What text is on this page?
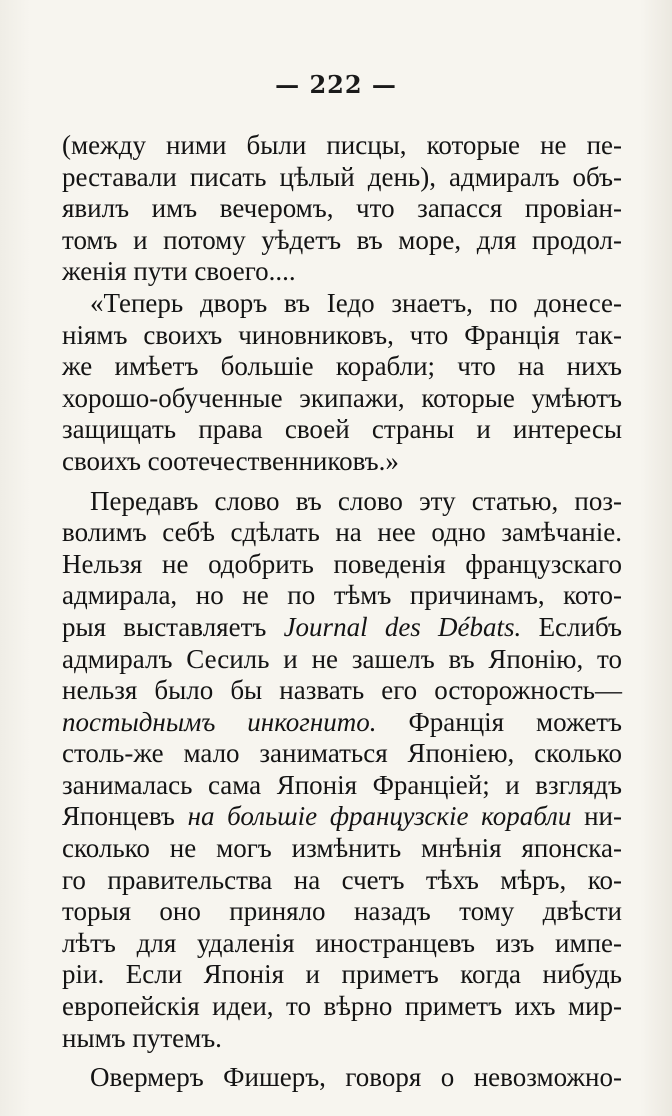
— 222 —
(между ними были писцы, которые не пе-
реставали писать цѣлый день), адмиралъ объ-
явилъ имъ вечеромъ, что запасся провіан-
томъ и потому уѣдетъ въ море, для продол-
женія пути своего....
«Теперь дворъ въ Іедо знаетъ, по донесе-
ніямъ своихъ чиновниковъ, что Франція так-
же имѣетъ большіе корабли; что на нихъ
хорошо-обученные экипажи, которые умѣютъ
защищать права своей страны и интересы
своихъ соотечественниковъ.»
Передавъ слово въ слово эту статью, поз-
волимъ себѣ сдѣлать на нее одно замѣчаніе.
Нельзя не одобрить поведенія французскаго
адмирала, но не по тѣмъ причинамъ, кото-
рыя выставляетъ Journal des Débats. Еслибъ
адмиралъ Сесиль и не зашелъ въ Японію, то
нельзя было бы назвать его осторожность—
постыднымъ инкогнито. Франція можетъ
столь-же мало заниматься Японіею, сколько
занималась сама Японія Франціей; и взглядъ
Японцевъ на большіе французскіе корабли ни-
сколько не могъ измѣнить мнѣнія японска-
го правительства на счетъ тѣхъ мѣръ, ко-
торыя оно приняло назадъ тому двѣсти
лѣтъ для удаленія иностранцевъ изъ импе-
ріи. Если Японія и приметъ когда нибудь
европейскія идеи, то вѣрно приметъ ихъ мир-
нымъ путемъ.
Овермеръ Фишеръ, говоря о невозможно-
